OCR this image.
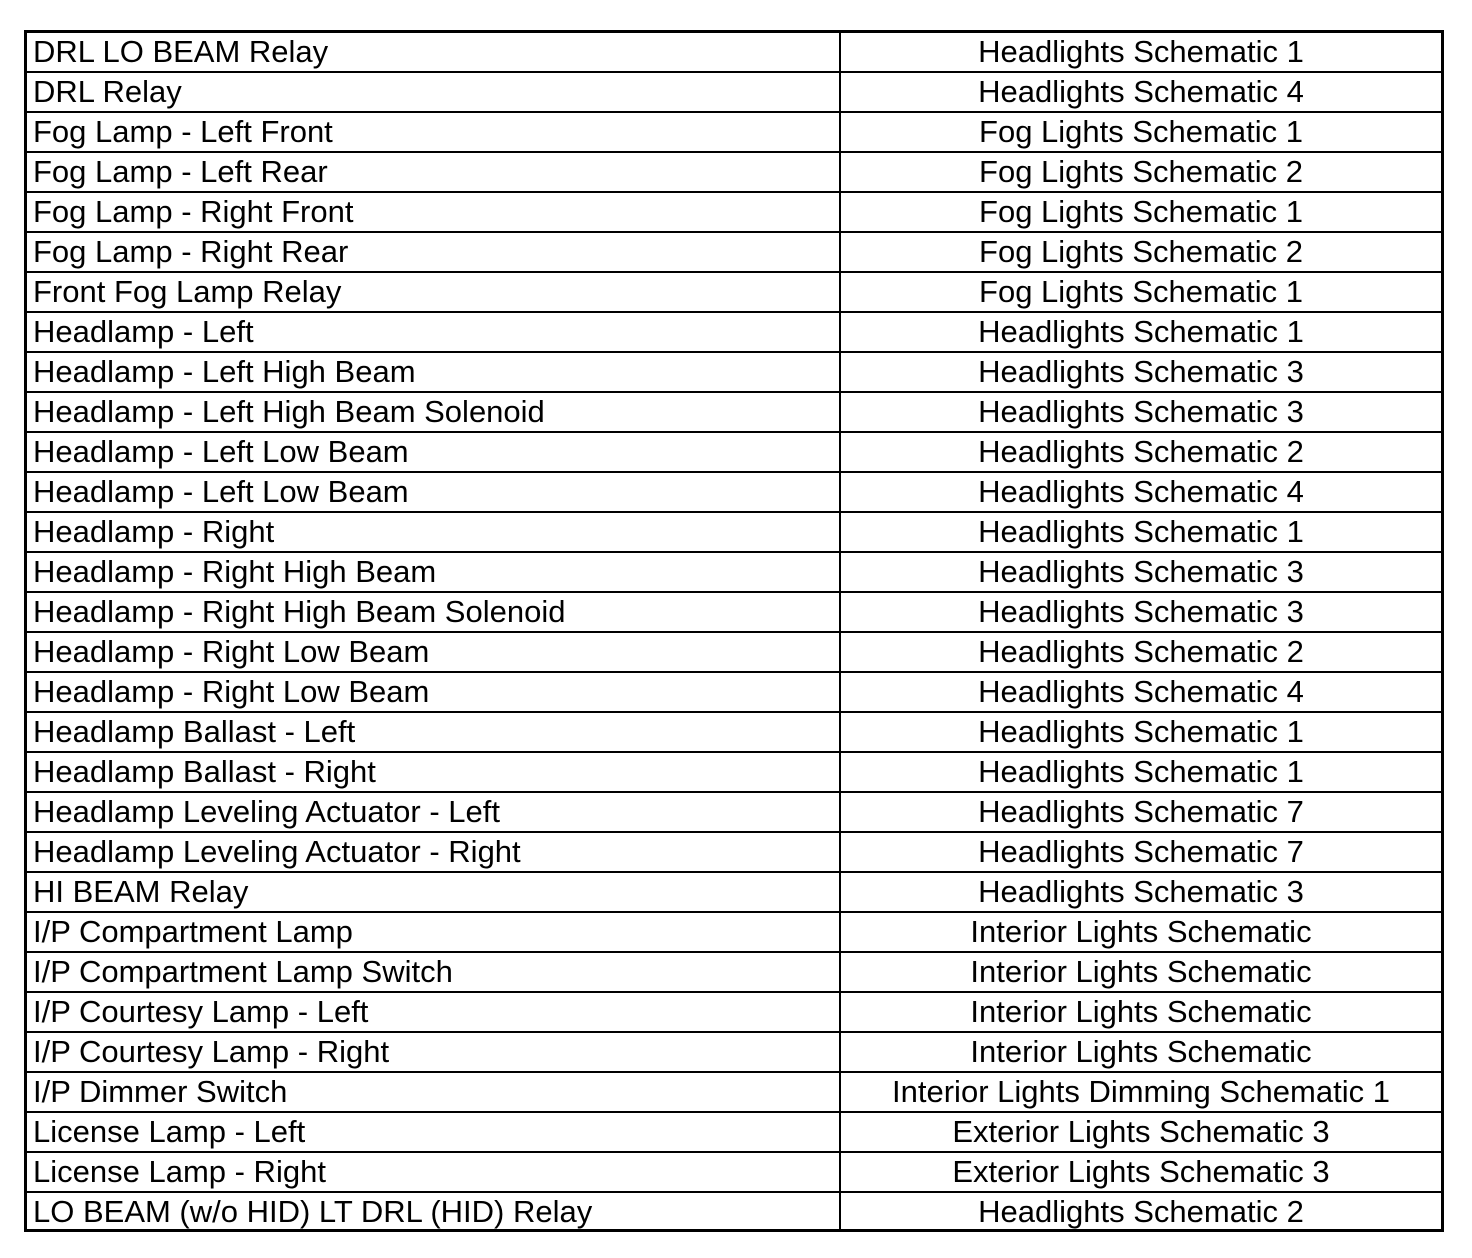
DRL LO BEAM Relay	Headlights Schematic 1
DRL Relay	Headlights Schematic 4
Fog Lamp - Left Front	Fog Lights Schematic 1
Fog Lamp - Left Rear	Fog Lights Schematic 2
Fog Lamp - Right Front	Fog Lights Schematic 1
Fog Lamp - Right Rear	Fog Lights Schematic 2
Front Fog Lamp Relay	Fog Lights Schematic 1
Headlamp - Left	Headlights Schematic 1
Headlamp - Left High Beam	Headlights Schematic 3
Headlamp - Left High Beam Solenoid	Headlights Schematic 3
Headlamp - Left Low Beam	Headlights Schematic 2
Headlamp - Left Low Beam	Headlights Schematic 4
Headlamp - Right	Headlights Schematic 1
Headlamp - Right High Beam	Headlights Schematic 3
Headlamp - Right High Beam Solenoid	Headlights Schematic 3
Headlamp - Right Low Beam	Headlights Schematic 2
Headlamp - Right Low Beam	Headlights Schematic 4
Headlamp Ballast - Left	Headlights Schematic 1
Headlamp Ballast - Right	Headlights Schematic 1
Headlamp Leveling Actuator - Left	Headlights Schematic 7
Headlamp Leveling Actuator - Right	Headlights Schematic 7
HI BEAM Relay	Headlights Schematic 3
I/P Compartment Lamp	Interior Lights Schematic
I/P Compartment Lamp Switch	Interior Lights Schematic
I/P Courtesy Lamp - Left	Interior Lights Schematic
I/P Courtesy Lamp - Right	Interior Lights Schematic
I/P Dimmer Switch	Interior Lights Dimming Schematic 1
License Lamp - Left	Exterior Lights Schematic 3
License Lamp - Right	Exterior Lights Schematic 3
LO BEAM (w/o HID) LT DRL (HID) Relay	Headlights Schematic 2
